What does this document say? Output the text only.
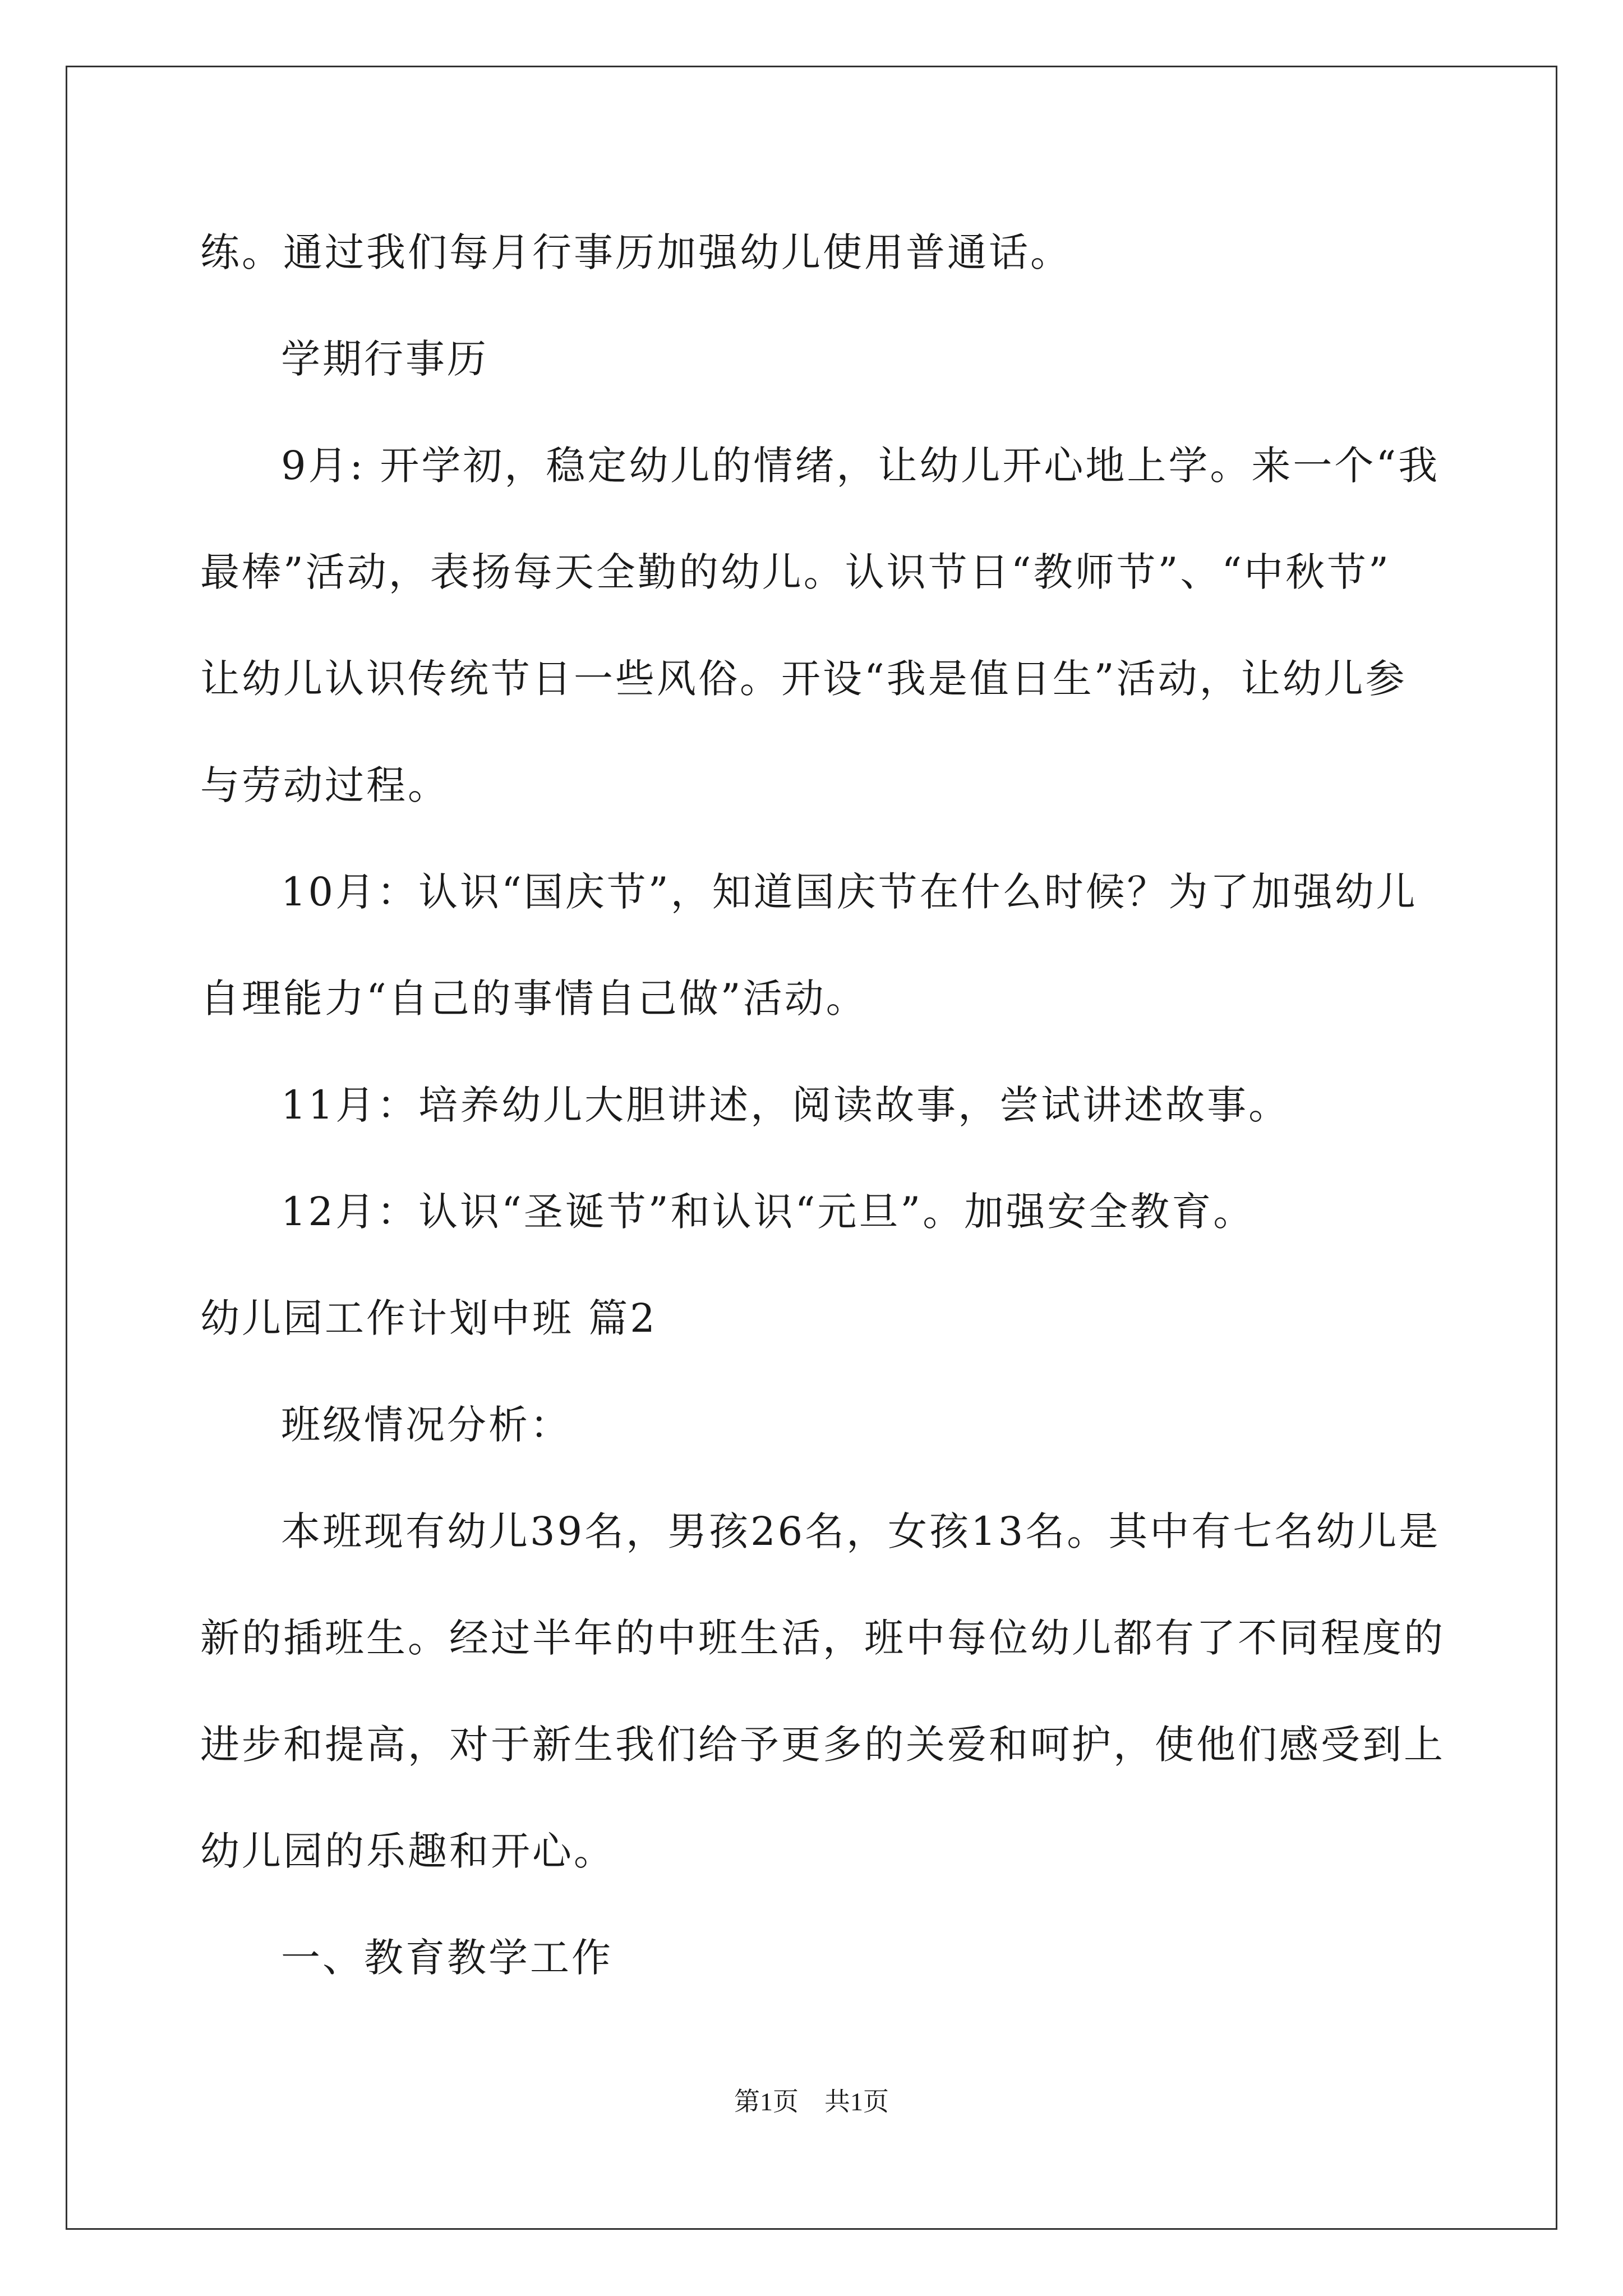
练。通过我们每月行事历加强幼儿使用普通话。
学期行事历
9月: 开学初，稳定幼儿的情绪，让幼儿开心地上学。来一个“我
最棒”活动，表扬每天全勤的幼儿。认识节日“教师节”、“中秋节”
让幼儿认识传统节日一些风俗。开设“我是值日生”活动，让幼儿参
与劳动过程。
10月：认识“国庆节”，知道国庆节在什么时候？为了加强幼儿
自理能力“自己的事情自己做”活动。
11月：培养幼儿大胆讲述，阅读故事，尝试讲述故事。
12月：认识“圣诞节”和认识“元旦”。加强安全教育。
幼儿园工作计划中班 篇2
班级情况分析：
本班现有幼儿39名，男孩26名，女孩13名。其中有七名幼儿是
新的插班生。经过半年的中班生活，班中每位幼儿都有了不同程度的
进步和提高，对于新生我们给予更多的关爱和呵护，使他们感受到上
幼儿园的乐趣和开心。
一、教育教学工作
第1页　共1页
